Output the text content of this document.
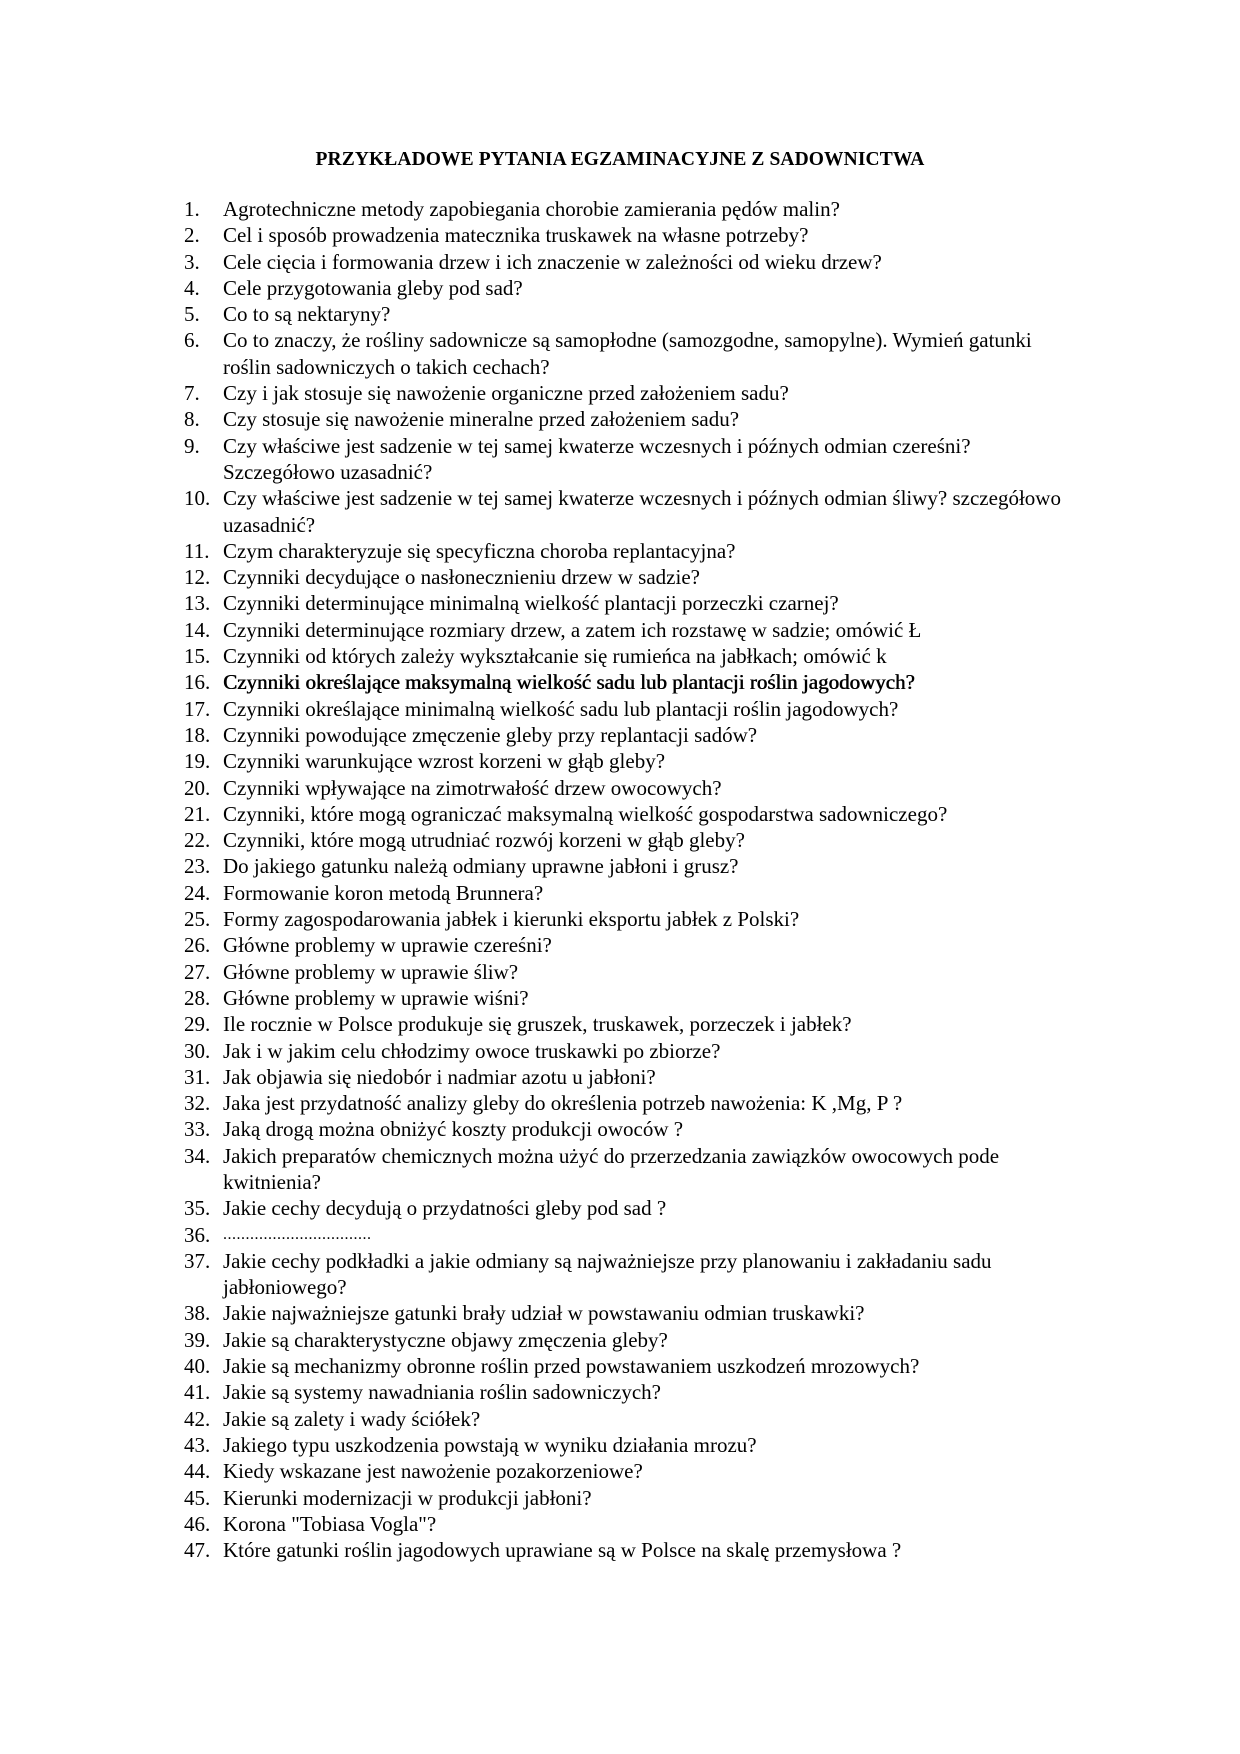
PRZYKŁADOWE PYTANIA EGZAMINACYJNE Z SADOWNICTWA
1.	Agrotechniczne metody zapobiegania chorobie zamierania pędów malin?
2.	Cel i sposób prowadzenia matecznika truskawek na własne potrzeby?
3.	Cele cięcia i formowania drzew i ich znaczenie w zależności od wieku drzew?
4.	Cele przygotowania gleby pod sad?
5.	Co to są nektaryny?
6.	Co to znaczy, że rośliny sadownicze są samopłodne (samozgodne, samopylne). Wymień gatunki roślin sadowniczych o takich cechach?
7.	Czy i jak stosuje się nawożenie organiczne przed założeniem sadu?
8.	Czy stosuje się nawożenie mineralne przed założeniem sadu?
9.	Czy właściwe jest sadzenie w tej samej kwaterze wczesnych i późnych odmian czereśni? Szczegółowo uzasadnić?
10. Czy właściwe jest sadzenie w tej samej kwaterze wczesnych i późnych odmian śliwy? szczegółowo uzasadnić?
11. Czym charakteryzuje się specyficzna choroba replantacyjna?
12. Czynniki decydujące o nasłonecznieniu drzew w sadzie?
13. Czynniki determinujące minimalną wielkość plantacji porzeczki czarnej?
14. Czynniki determinujące rozmiary drzew, a zatem ich rozstawę w sadzie; omówić Ł
15. Czynniki od których zależy wykształcanie się rumieńca na jabłkach; omówić k
16. Czynniki określające maksymalną wielkość sadu lub plantacji roślin jagodowych?
17. Czynniki określające minimalną wielkość sadu lub plantacji roślin jagodowych?
18. Czynniki powodujące zmęczenie gleby przy replantacji sadów?
19. Czynniki warunkujące wzrost korzeni w głąb gleby?
20. Czynniki wpływające na zimotrwałość drzew owocowych?
21. Czynniki, które mogą ograniczać maksymalną wielkość gospodarstwa sadowniczego?
22. Czynniki, które mogą utrudniać rozwój korzeni w głąb gleby?
23. Do jakiego gatunku należą odmiany uprawne jabłoni i grusz?
24. Formowanie koron metodą Brunnera?
25. Formy zagospodarowania jabłek i kierunki eksportu jabłek z Polski?
26. Główne problemy w uprawie czereśni?
27. Główne problemy w uprawie śliw?
28. Główne problemy w uprawie wiśni?
29. Ile rocznie w Polsce produkuje się gruszek, truskawek, porzeczek i jabłek?
30. Jak i w jakim celu chłodzimy owoce truskawki po zbiorze?
31. Jak objawia się niedobór i nadmiar azotu u jabłoni?
32. Jaka jest przydatność analizy gleby do określenia potrzeb nawożenia: K ,Mg, P ?
33. Jaką drogą można obniżyć koszty produkcji owoców ?
34. Jakich preparatów chemicznych można użyć do przerzedzania zawiązków owocowych pode kwitnienia?
35. Jakie cechy decydują o przydatności gleby pod sad ?
36. .................................
37. Jakie cechy podkładki a jakie odmiany są najważniejsze przy planowaniu i zakładaniu sadu jabłoniowego?
38. Jakie najważniejsze gatunki brały udział w powstawaniu odmian truskawki?
39. Jakie są charakterystyczne objawy zmęczenia gleby?
40. Jakie są mechanizmy obronne roślin przed powstawaniem uszkodzeń mrozowych?
41. Jakie są systemy nawadniania roślin sadowniczych?
42. Jakie są zalety i wady ściółek?
43. Jakiego typu uszkodzenia powstają w wyniku działania mrozu?
44. Kiedy wskazane jest nawożenie pozakorzeniowe?
45. Kierunki modernizacji w produkcji jabłoni?
46. Korona "Tobiasa Vogla"?
47. Które gatunki roślin jagodowych uprawiane są w Polsce na skalę przemysłowa ?
